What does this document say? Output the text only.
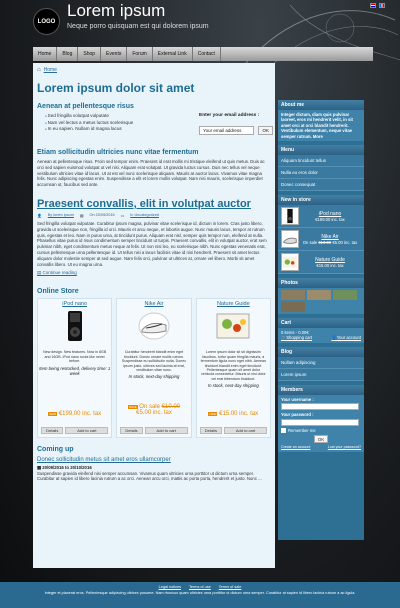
LOGO
Lorem ipsum
Neque porro quisquam est qui dolorem ipsum
Home	Blog	Shop	Events	Forum	External Link	Contact
⌂ Home
Lorem ipsum dolor sit amet
Aenean at pellentesque risus
● Sed fringilla volutpat vulputate
● Nam vel lectus a metus luctus scelerisque
● In eu sapien. Nullam id magna lacus
Enter your email address :
Your email address	OK
Etiam sollicitudin ultricies nunc vitae fermentum
Aenean at pellentesque risus. Proin sed tempor enim. Praesent id erat mollis mi tristique eleifend ut quis metus. Duis ac orci sed sapien euismod volutpat ut vel nisi. Aliquam erat volutpat. Ut gravida luctus cursus. Duis nec tellus vel neque vestibulum ultricies vitae id lacus. Ut at est vel nunc scelerisque aliquam. Mauris at auctor lacus. Vivamus vitae magna felis. Nunc adipiscing egestas enim. Suspendisse a elit et lorem mollis volutpat. Nam nisi mauris, scelerisque imperdiet accumsan ut, faucibus sed ante.
Praesent convallis, elit in volutpat auctor
👤 By lorem ipsum ▦ On 20/09/2016 ▭ In Uncategorized
Sed fringilla volutpat vulputate. Curabitur ipsum magna, pulvinar vitae scelerisque id, dictum in lorem. Cras justo libero, gravida ut scelerisque non, fringilla id orci. Mauris et arcu neque, et lobortis augue. Nunc mauris lacus, tempor at rutrum quis, egestas et leo. Nam in purus urna, at tincidunt purus. Aliquam erat nisl, semper quis tempor non, eleifend at nulla. Phasellus vitae purus id risus condimentum semper tincidunt ut turpis. Praesent convallis, elit in volutpat auctor, erat sem pulvinar nibh, eget condimentum metus neque at felis. Ut non nisi leo, eu scelerisque nibh. Nunc egestas venenatis erat, cursus pellentesque urna pellentesque id. Ut tellus nisi a lacus facilisis vitae id nisi hendrerit. Praesent sit amet lectus aliquam dolor molestie semper at sed augue. Nam felis orci, pulvinar ut ultrices at, ornare vel libero. Morbi sit amet convallis libero. Ut eu magna urna.
▤ Continue reading
Online Store
iPod nano
New design. New features. Now in 8GB and 16GB. iPod nano rocks like never before.
Item being restocked, delivery time: 1 week
NEW €199.00 inc. tax
Details	Add to cart
Nike Air
Curabitur hendrerit blandit enim eget tincidunt. Donec ornare mollis rutrum. Suspendisse eu sollicitudin nulla. Donec ipsum justo, ultrices sed lacinia at erat, vestibulum vitae nunc.
In stock, next-day shipping
SALE On sale €10.00
€5.00 inc. tax
Details	Add to cart
Nature Guide
Lorem ipsum dolor sit sit dignissim faucibus, tortor quam fringilla mauris, a fermentum ligula nunc eget nibh. Aenean tincidunt blandit enim eget tincidunt. Pellentesque quam sit amet dolor vehicula consectetur. Mauris ut nisi dolor vel erat bibendum tincidunt.
In stock, next-day shipping
NEW €15.00 inc. tax
Details	Add to cart
Coming up
Donec sollicitudin metus sit amet eros ullamcorper
▦ 20/09/2016 to 20/10/2016
Suspendisse gravida eleifend nisi semper accumsan. Vivamus quam ultricies urna porttitor ut dictum urna semper. Curabitur at sapien id libero lacinia rutrum a ac orci. Aenean arcu orci, mattis ac porta porta, hendrerit et justo. Nunc ...
About me
Integer dictum, diam quis pulvinar laoreet, eros mi hendrerit velit, in sit amet orci at orci blandit hendrerit. Vestibulum elementum, neque vitae semper rutrum. More
Menu
Aliquam tincidunt tellus
Nulla eu eros dolor
Donec consequat
New in store
iPod nano
€199.00 inc. tax
Nike Air
On sale €10.00 €5.00 inc. tax
Nature Guide
€15.00 inc. tax
Photos
Cart
0 items - 0.00€
🛒Shopping cart	👤Your account
Blog
Nullam adipiscing
Lorem ipsum
Members
Your username :
Your password :
Remember me
OK
Create an account	Lost your password?
Legal notices Terms of use Terms of sale
Integer et placerat eros. Pellentesque adipiscing ultrices posuere. Nam rhoncus quam ultricies urna porttitor ut dictum urna semper. Curabitur at sapien id libero lacinia rutrum a ac ligula.
